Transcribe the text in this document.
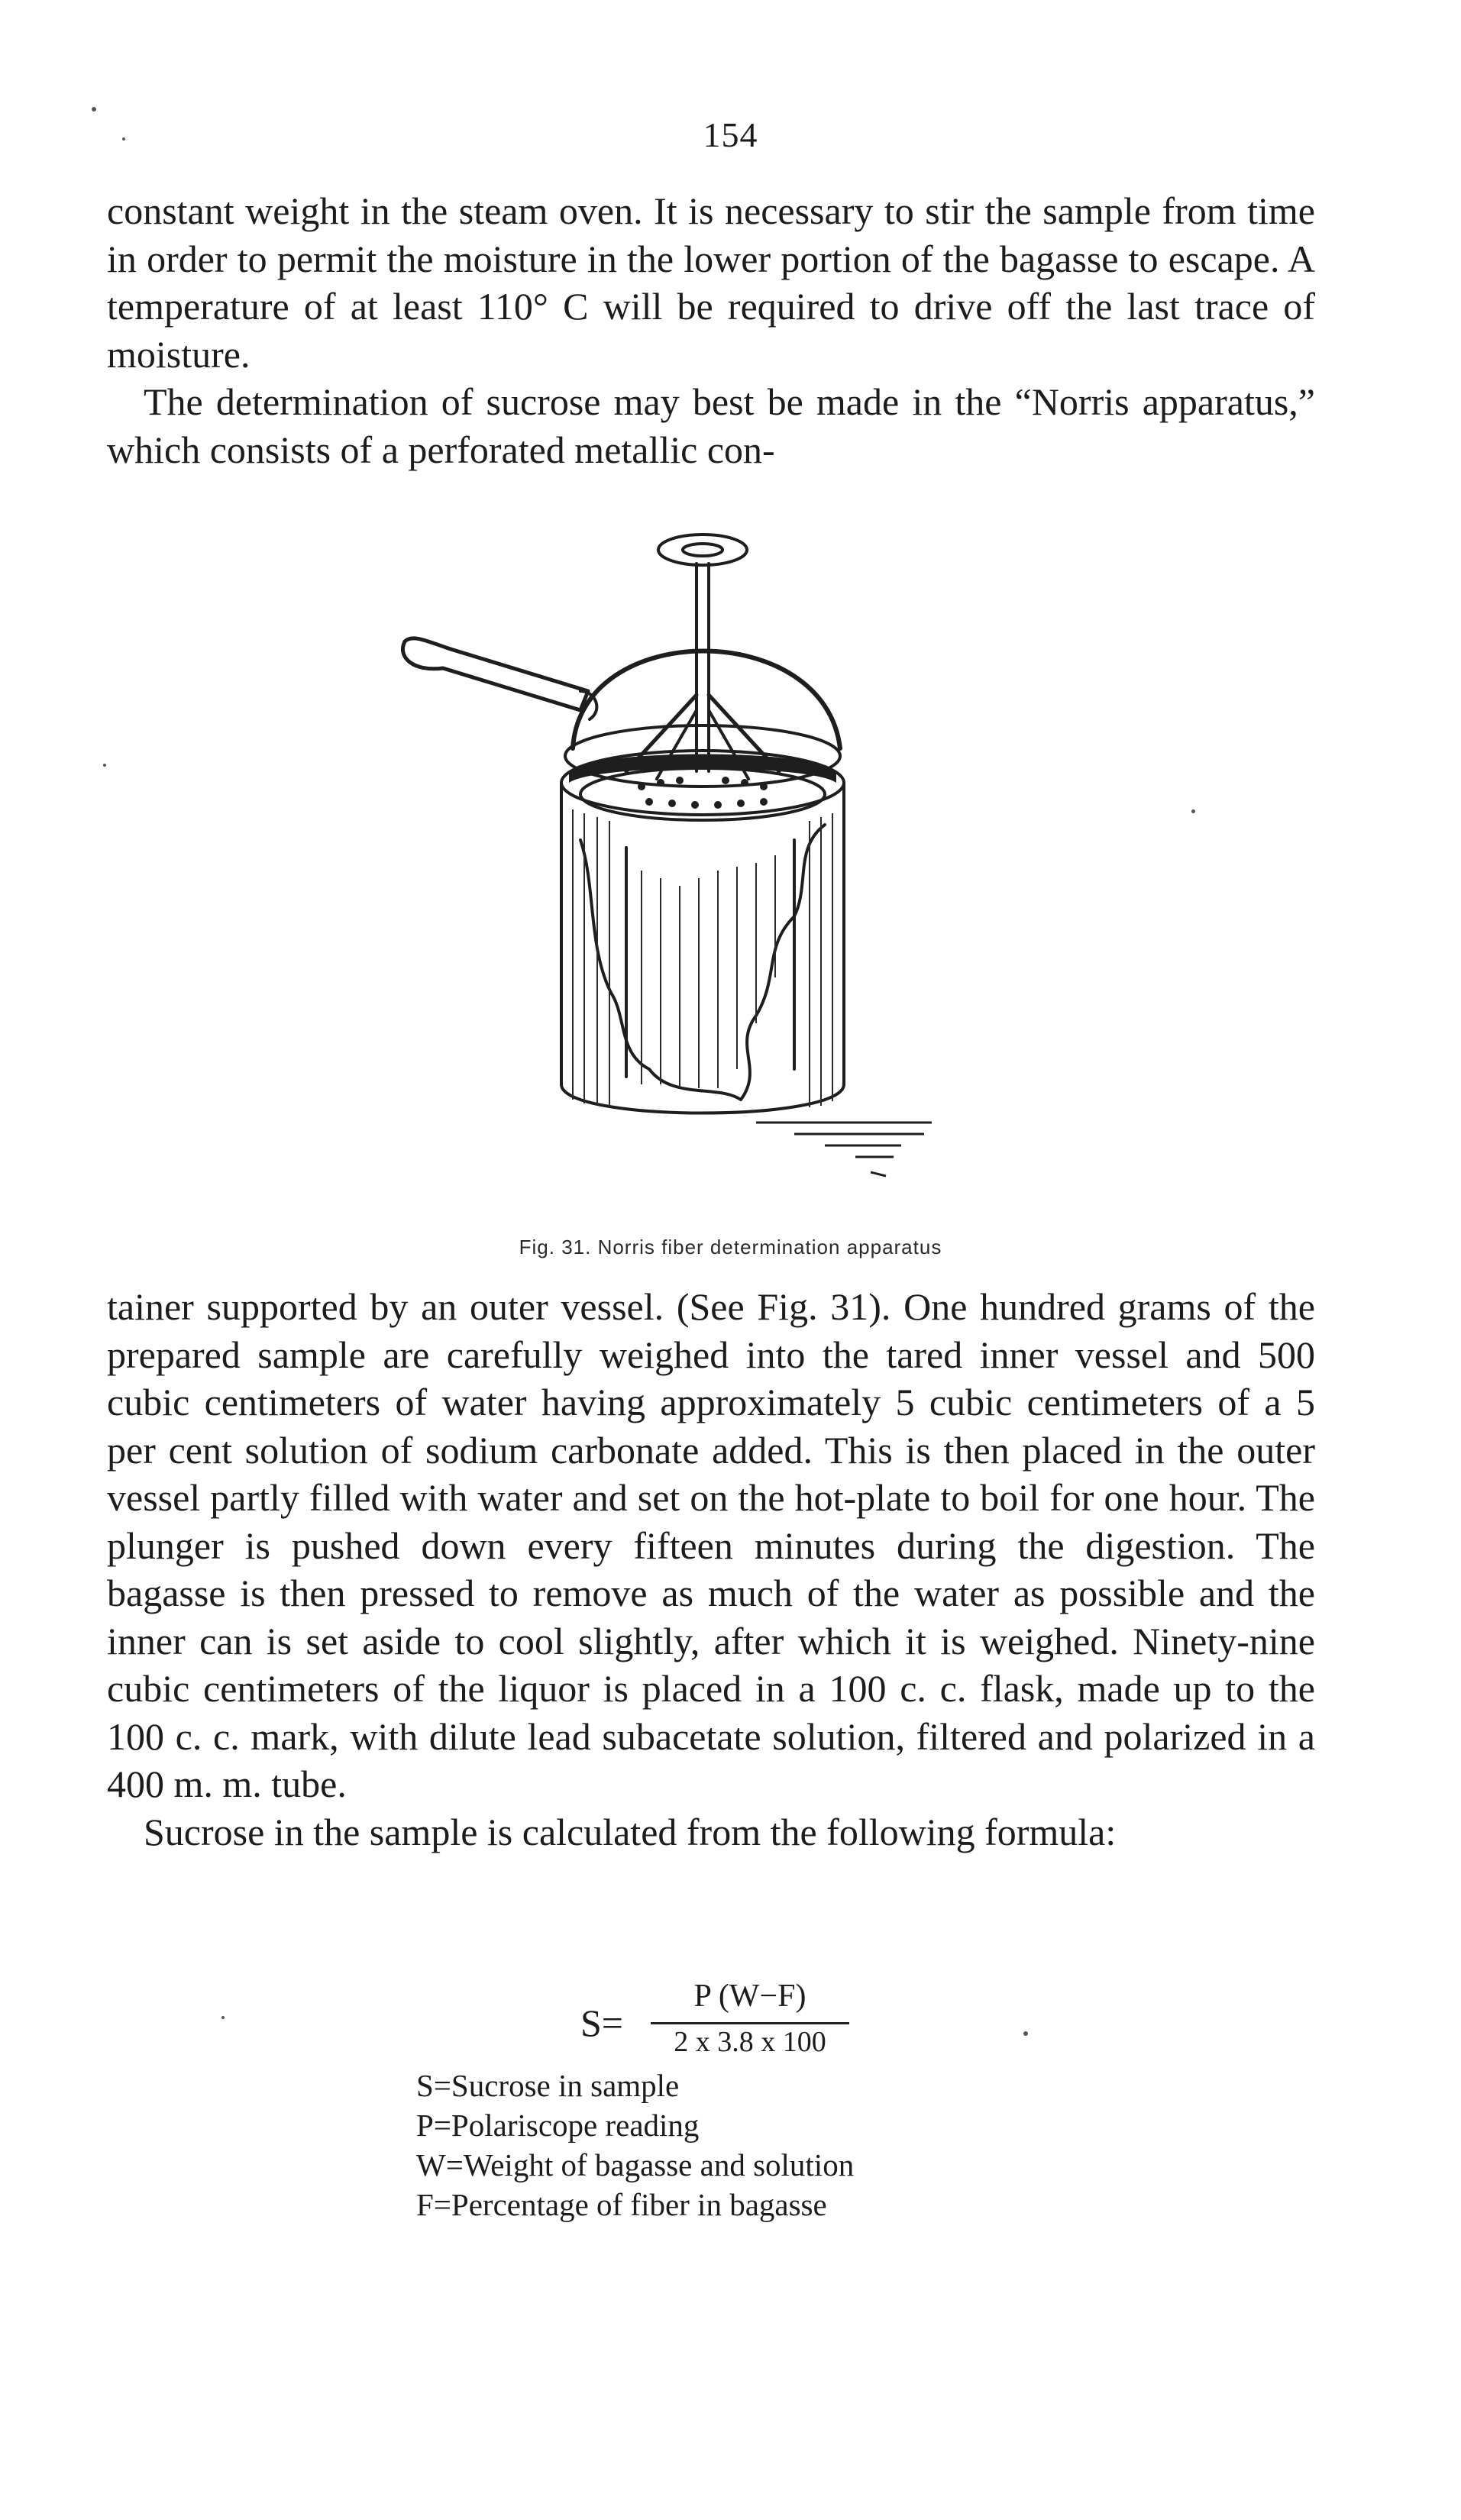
154

constant weight in the steam oven. It is necessary to stir the sample from time in order to permit the moisture in the lower portion of the bagasse to escape. A temperature of at least 110° C will be required to drive off the last trace of moisture.

The determination of sucrose may best be made in the “Norris apparatus,” which consists of a perforated metallic con-

Fig. 31. Norris fiber determination apparatus

tainer supported by an outer vessel. (See Fig. 31). One hundred grams of the prepared sample are carefully weighed into the tared inner vessel and 500 cubic centimeters of water having approximately 5 cubic centimeters of a 5 per cent solution of sodium carbonate added. This is then placed in the outer vessel partly filled with water and set on the hot-plate to boil for one hour. The plunger is pushed down every fifteen minutes during the digestion. The bagasse is then pressed to remove as much of the water as possible and the inner can is set aside to cool slightly, after which it is weighed. Ninety-nine cubic centimeters of the liquor is placed in a 100 c. c. flask, made up to the 100 c. c. mark, with dilute lead subacetate solution, filtered and polarized in a 400 m. m. tube.

Sucrose in the sample is calculated from the following formula:

S=
P (W−F)
2 x 3.8 x 100
S=Sucrose in sample
P=Polariscope reading
W=Weight of bagasse and solution
F=Percentage of fiber in bagasse
